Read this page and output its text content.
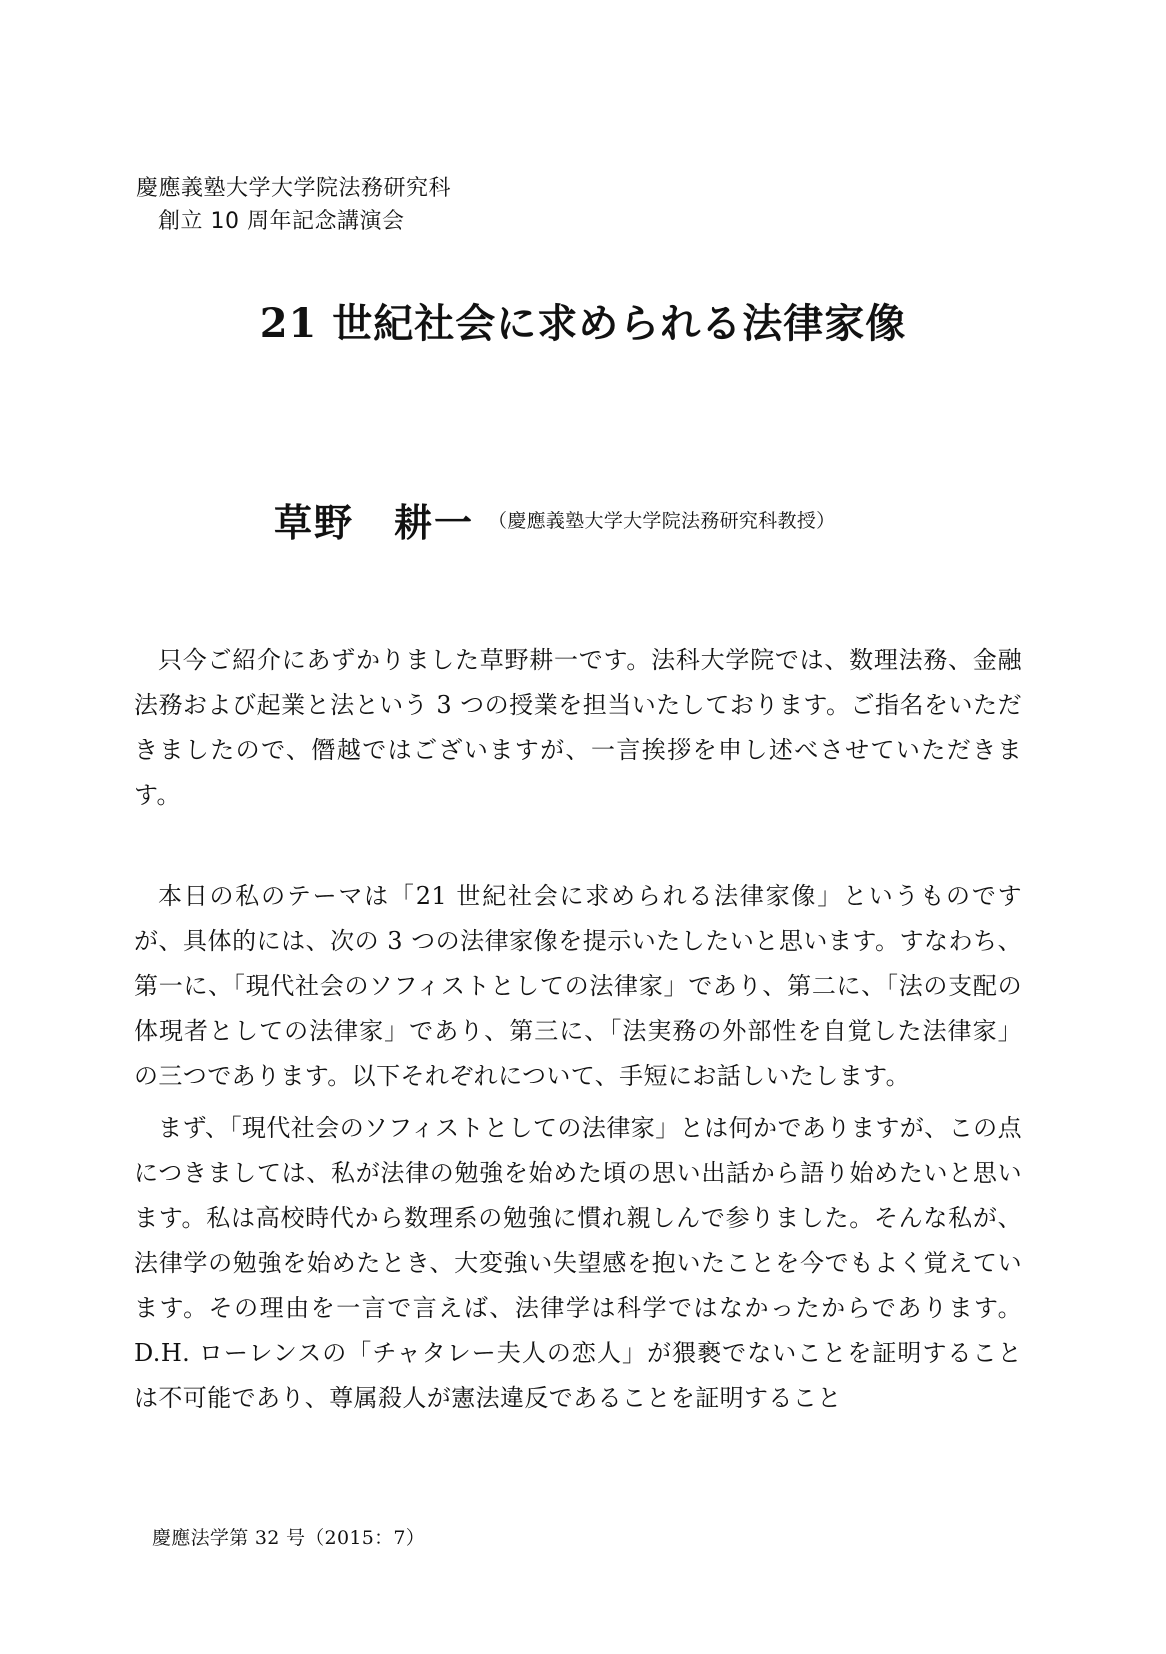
慶應義塾大学大学院法務研究科
創立 10 周年記念講演会
21 世紀社会に求められる法律家像
草野　耕一 （慶應義塾大学大学院法務研究科教授）

只今ご紹介にあずかりました草野耕一です。法科大学院では、数理法務、金融法務および起業と法という 3 つの授業を担当いたしております。ご指名をいただきましたので、僭越ではございますが、一言挨拶を申し述べさせていただきます。

本日の私のテーマは「21 世紀社会に求められる法律家像」というものですが、具体的には、次の 3 つの法律家像を提示いたしたいと思います。すなわち、第一に、「現代社会のソフィストとしての法律家」であり、第二に、「法の支配の体現者としての法律家」であり、第三に、「法実務の外部性を自覚した法律家」の三つであります。以下それぞれについて、手短にお話しいたします。

まず、「現代社会のソフィストとしての法律家」とは何かでありますが、この点につきましては、私が法律の勉強を始めた頃の思い出話から語り始めたいと思います。私は高校時代から数理系の勉強に慣れ親しんで参りました。そんな私が、法律学の勉強を始めたとき、大変強い失望感を抱いたことを今でもよく覚えています。その理由を一言で言えば、法律学は科学ではなかったからであります。D.H. ローレンスの「チャタレー夫人の恋人」が猥褻でないことを証明することは不可能であり、尊属殺人が憲法違反であることを証明すること

慶應法学第 32 号（2015：7）
